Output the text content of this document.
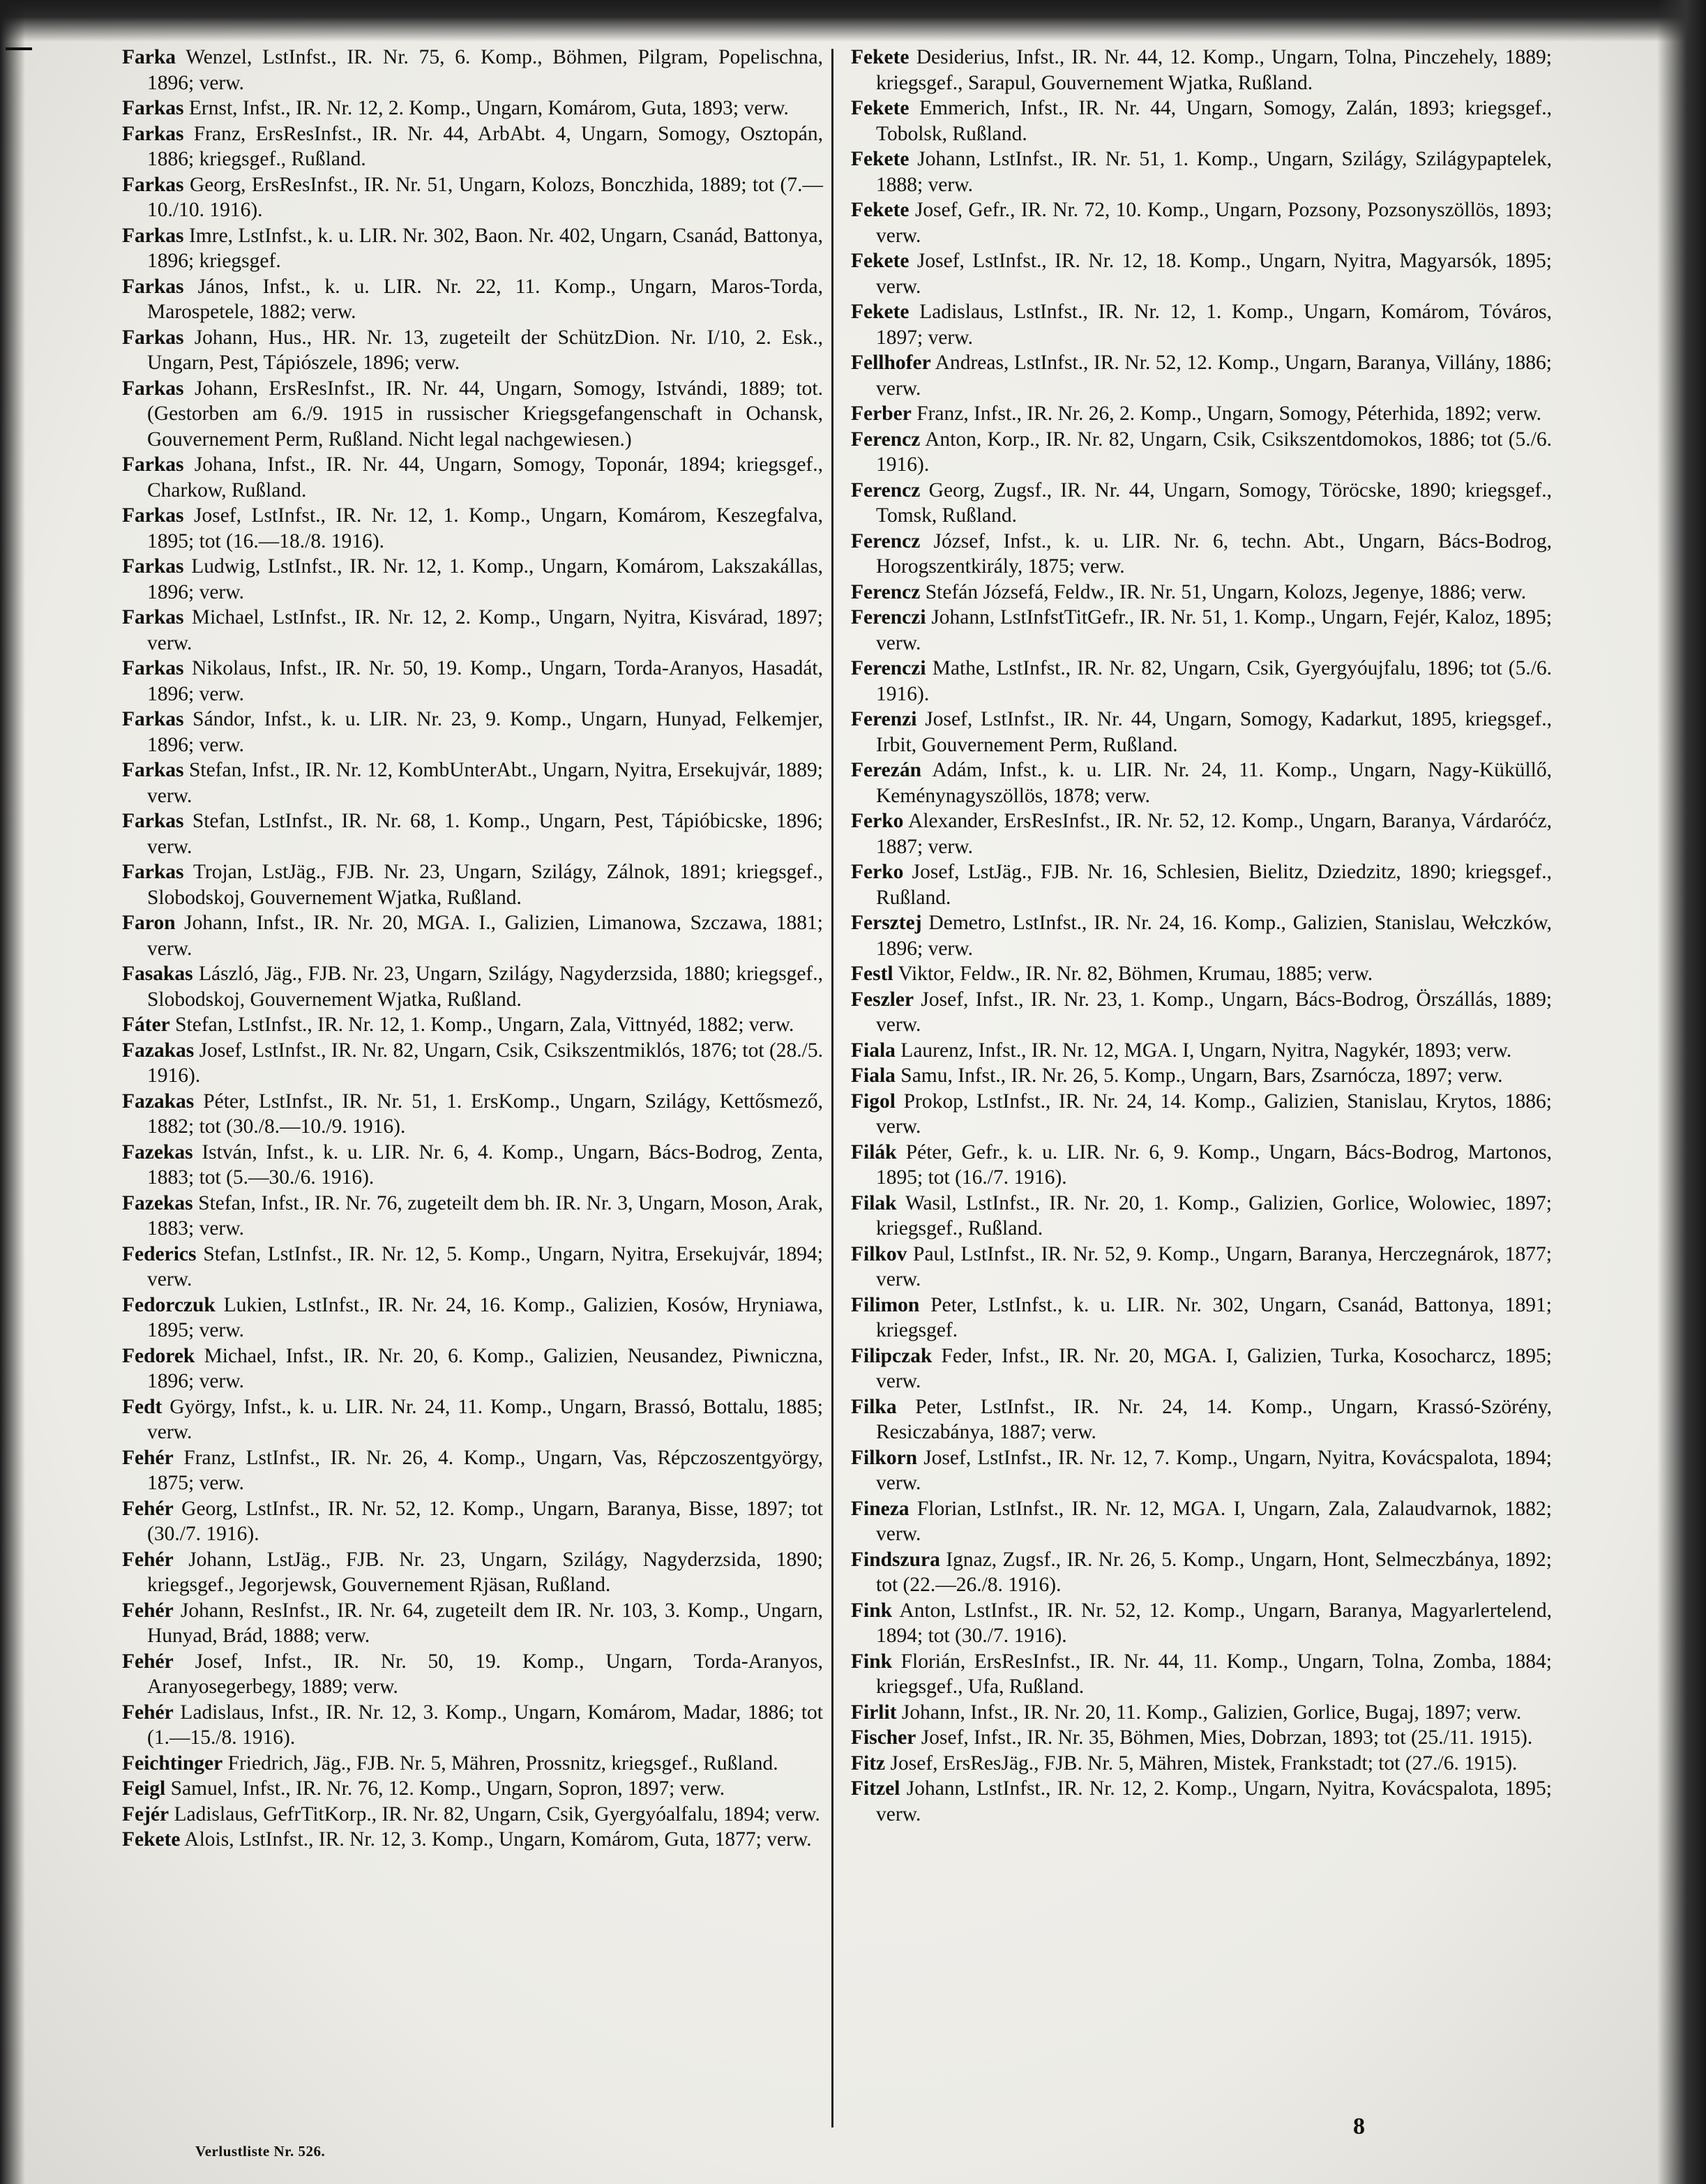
Farka Wenzel, LstInfst., IR. Nr. 75, 6. Komp., Böhmen, Pilgram, Popelischna, 1896; verw.

Farkas Ernst, Infst., IR. Nr. 12, 2. Komp., Ungarn, Komárom, Guta, 1893; verw.

Farkas Franz, ErsResInfst., IR. Nr. 44, ArbAbt. 4, Ungarn, Somogy, Osztopán, 1886; kriegsgef., Rußland.

Farkas Georg, ErsResInfst., IR. Nr. 51, Ungarn, Kolozs, Bonczhida, 1889; tot (7.—10./10. 1916).

Farkas Imre, LstInfst., k. u. LIR. Nr. 302, Baon. Nr. 402, Ungarn, Csanád, Battonya, 1896; kriegsgef.

Farkas János, Infst., k. u. LIR. Nr. 22, 11. Komp., Ungarn, Maros-Torda, Marospetele, 1882; verw.

Farkas Johann, Hus., HR. Nr. 13, zugeteilt der SchützDion. Nr. I/10, 2. Esk., Ungarn, Pest, Tápiószele, 1896; verw.

Farkas Johann, ErsResInfst., IR. Nr. 44, Ungarn, Somogy, Istvándi, 1889; tot. (Gestorben am 6./9. 1915 in russischer Kriegsgefangenschaft in Ochansk, Gouvernement Perm, Rußland. Nicht legal nachgewiesen.)

Farkas Johana, Infst., IR. Nr. 44, Ungarn, Somogy, Toponár, 1894; kriegsgef., Charkow, Rußland.

Farkas Josef, LstInfst., IR. Nr. 12, 1. Komp., Ungarn, Komárom, Keszegfalva, 1895; tot (16.—18./8. 1916).

Farkas Ludwig, LstInfst., IR. Nr. 12, 1. Komp., Ungarn, Komárom, Lakszakállas, 1896; verw.

Farkas Michael, LstInfst., IR. Nr. 12, 2. Komp., Ungarn, Nyitra, Kisvárad, 1897; verw.

Farkas Nikolaus, Infst., IR. Nr. 50, 19. Komp., Ungarn, Torda-Aranyos, Hasadát, 1896; verw.

Farkas Sándor, Infst., k. u. LIR. Nr. 23, 9. Komp., Ungarn, Hunyad, Felkemjer, 1896; verw.

Farkas Stefan, Infst., IR. Nr. 12, KombUnterAbt., Ungarn, Nyitra, Ersekujvár, 1889; verw.

Farkas Stefan, LstInfst., IR. Nr. 68, 1. Komp., Ungarn, Pest, Tápióbicske, 1896; verw.

Farkas Trojan, LstJäg., FJB. Nr. 23, Ungarn, Szilágy, Zálnok, 1891; kriegsgef., Slobodskoj, Gouvernement Wjatka, Rußland.

Faron Johann, Infst., IR. Nr. 20, MGA. I., Galizien, Limanowa, Szczawa, 1881; verw.

Fasakas László, Jäg., FJB. Nr. 23, Ungarn, Szilágy, Nagyderzsida, 1880; kriegsgef., Slobodskoj, Gouvernement Wjatka, Rußland.

Fáter Stefan, LstInfst., IR. Nr. 12, 1. Komp., Ungarn, Zala, Vittnyéd, 1882; verw.

Fazakas Josef, LstInfst., IR. Nr. 82, Ungarn, Csik, Csikszentmiklós, 1876; tot (28./5. 1916).

Fazakas Péter, LstInfst., IR. Nr. 51, 1. ErsKomp., Ungarn, Szilágy, Kettősmező, 1882; tot (30./8.—10./9. 1916).

Fazekas István, Infst., k. u. LIR. Nr. 6, 4. Komp., Ungarn, Bács-Bodrog, Zenta, 1883; tot (5.—30./6. 1916).

Fazekas Stefan, Infst., IR. Nr. 76, zugeteilt dem bh. IR. Nr. 3, Ungarn, Moson, Arak, 1883; verw.

Federics Stefan, LstInfst., IR. Nr. 12, 5. Komp., Ungarn, Nyitra, Ersekujvár, 1894; verw.

Fedorczuk Lukien, LstInfst., IR. Nr. 24, 16. Komp., Galizien, Kosów, Hryniawa, 1895; verw.

Fedorek Michael, Infst., IR. Nr. 20, 6. Komp., Galizien, Neusandez, Piwniczna, 1896; verw.

Fedt György, Infst., k. u. LIR. Nr. 24, 11. Komp., Ungarn, Brassó, Bottalu, 1885; verw.

Fehér Franz, LstInfst., IR. Nr. 26, 4. Komp., Ungarn, Vas, Répczoszentgyörgy, 1875; verw.

Fehér Georg, LstInfst., IR. Nr. 52, 12. Komp., Ungarn, Baranya, Bisse, 1897; tot (30./7. 1916).

Fehér Johann, LstJäg., FJB. Nr. 23, Ungarn, Szilágy, Nagyderzsida, 1890; kriegsgef., Jegorjewsk, Gouvernement Rjäsan, Rußland.

Fehér Johann, ResInfst., IR. Nr. 64, zugeteilt dem IR. Nr. 103, 3. Komp., Ungarn, Hunyad, Brád, 1888; verw.

Fehér Josef, Infst., IR. Nr. 50, 19. Komp., Ungarn, Torda-Aranyos, Aranyosegerbegy, 1889; verw.

Fehér Ladislaus, Infst., IR. Nr. 12, 3. Komp., Ungarn, Komárom, Madar, 1886; tot (1.—15./8. 1916).

Feichtinger Friedrich, Jäg., FJB. Nr. 5, Mähren, Prossnitz, kriegsgef., Rußland.

Feigl Samuel, Infst., IR. Nr. 76, 12. Komp., Ungarn, Sopron, 1897; verw.

Fejér Ladislaus, GefrTitKorp., IR. Nr. 82, Ungarn, Csik, Gyergyóalfalu, 1894; verw.

Fekete Alois, LstInfst., IR. Nr. 12, 3. Komp., Ungarn, Komárom, Guta, 1877; verw.

Fekete Desiderius, Infst., IR. Nr. 44, 12. Komp., Ungarn, Tolna, Pinczehely, 1889; kriegsgef., Sarapul, Gouvernement Wjatka, Rußland.

Fekete Emmerich, Infst., IR. Nr. 44, Ungarn, Somogy, Zalán, 1893; kriegsgef., Tobolsk, Rußland.

Fekete Johann, LstInfst., IR. Nr. 51, 1. Komp., Ungarn, Szilágy, Szilágypaptelek, 1888; verw.

Fekete Josef, Gefr., IR. Nr. 72, 10. Komp., Ungarn, Pozsony, Pozsonyszöllös, 1893; verw.

Fekete Josef, LstInfst., IR. Nr. 12, 18. Komp., Ungarn, Nyitra, Magyarsók, 1895; verw.

Fekete Ladislaus, LstInfst., IR. Nr. 12, 1. Komp., Ungarn, Komárom, Tóváros, 1897; verw.

Fellhofer Andreas, LstInfst., IR. Nr. 52, 12. Komp., Ungarn, Baranya, Villány, 1886; verw.

Ferber Franz, Infst., IR. Nr. 26, 2. Komp., Ungarn, Somogy, Péterhida, 1892; verw.

Ferencz Anton, Korp., IR. Nr. 82, Ungarn, Csik, Csikszentdomokos, 1886; tot (5./6. 1916).

Ferencz Georg, Zugsf., IR. Nr. 44, Ungarn, Somogy, Töröcske, 1890; kriegsgef., Tomsk, Rußland.

Ferencz József, Infst., k. u. LIR. Nr. 6, techn. Abt., Ungarn, Bács-Bodrog, Horogszentkirály, 1875; verw.

Ferencz Stefán Józsefá, Feldw., IR. Nr. 51, Ungarn, Kolozs, Jegenye, 1886; verw.

Ferenczi Johann, LstInfstTitGefr., IR. Nr. 51, 1. Komp., Ungarn, Fejér, Kaloz, 1895; verw.

Ferenczi Mathe, LstInfst., IR. Nr. 82, Ungarn, Csik, Gyergyóujfalu, 1896; tot (5./6. 1916).

Ferenzi Josef, LstInfst., IR. Nr. 44, Ungarn, Somogy, Kadarkut, 1895, kriegsgef., Irbit, Gouvernement Perm, Rußland.

Ferezán Adám, Infst., k. u. LIR. Nr. 24, 11. Komp., Ungarn, Nagy-Küküllő, Keménynagyszöllös, 1878; verw.

Ferko Alexander, ErsResInfst., IR. Nr. 52, 12. Komp., Ungarn, Baranya, Várdaróćz, 1887; verw.

Ferko Josef, LstJäg., FJB. Nr. 16, Schlesien, Bielitz, Dziedzitz, 1890; kriegsgef., Rußland.

Fersztej Demetro, LstInfst., IR. Nr. 24, 16. Komp., Galizien, Stanislau, Wełczków, 1896; verw.

Festl Viktor, Feldw., IR. Nr. 82, Böhmen, Krumau, 1885; verw.

Feszler Josef, Infst., IR. Nr. 23, 1. Komp., Ungarn, Bács-Bodrog, Örszállás, 1889; verw.

Fiala Laurenz, Infst., IR. Nr. 12, MGA. I, Ungarn, Nyitra, Nagykér, 1893; verw.

Fiala Samu, Infst., IR. Nr. 26, 5. Komp., Ungarn, Bars, Zsarnócza, 1897; verw.

Figol Prokop, LstInfst., IR. Nr. 24, 14. Komp., Galizien, Stanislau, Krytos, 1886; verw.

Filák Péter, Gefr., k. u. LIR. Nr. 6, 9. Komp., Ungarn, Bács-Bodrog, Martonos, 1895; tot (16./7. 1916).

Filak Wasil, LstInfst., IR. Nr. 20, 1. Komp., Galizien, Gorlice, Wolowiec, 1897; kriegsgef., Rußland.

Filkov Paul, LstInfst., IR. Nr. 52, 9. Komp., Ungarn, Baranya, Herczegnárok, 1877; verw.

Filimon Peter, LstInfst., k. u. LIR. Nr. 302, Ungarn, Csanád, Battonya, 1891; kriegsgef.

Filipczak Feder, Infst., IR. Nr. 20, MGA. I, Galizien, Turka, Kosocharcz, 1895; verw.

Filka Peter, LstInfst., IR. Nr. 24, 14. Komp., Ungarn, Krassó-Szörény, Resiczabánya, 1887; verw.

Filkorn Josef, LstInfst., IR. Nr. 12, 7. Komp., Ungarn, Nyitra, Kovácspalota, 1894; verw.

Fineza Florian, LstInfst., IR. Nr. 12, MGA. I, Ungarn, Zala, Zalaudvarnok, 1882; verw.

Findszura Ignaz, Zugsf., IR. Nr. 26, 5. Komp., Ungarn, Hont, Selmeczbánya, 1892; tot (22.—26./8. 1916).

Fink Anton, LstInfst., IR. Nr. 52, 12. Komp., Ungarn, Baranya, Magyarlertelend, 1894; tot (30./7. 1916).

Fink Florián, ErsResInfst., IR. Nr. 44, 11. Komp., Ungarn, Tolna, Zomba, 1884; kriegsgef., Ufa, Rußland.

Firlit Johann, Infst., IR. Nr. 20, 11. Komp., Galizien, Gorlice, Bugaj, 1897; verw.

Fischer Josef, Infst., IR. Nr. 35, Böhmen, Mies, Dobrzan, 1893; tot (25./11. 1915).

Fitz Josef, ErsResJäg., FJB. Nr. 5, Mähren, Mistek, Frankstadt; tot (27./6. 1915).

Fitzel Johann, LstInfst., IR. Nr. 12, 2. Komp., Ungarn, Nyitra, Kovácspalota, 1895; verw.

Verlustliste Nr. 526.
8
